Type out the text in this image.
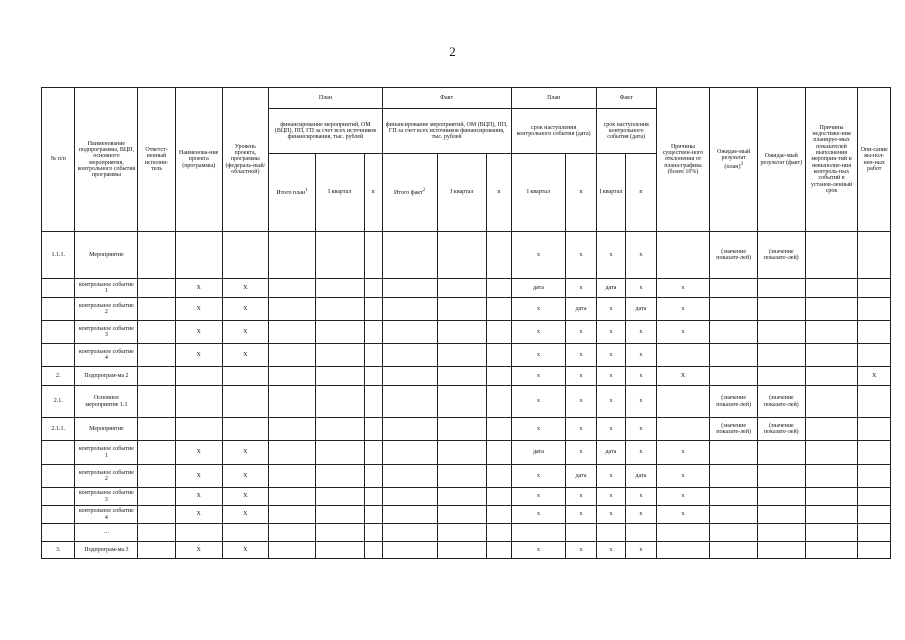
2
№ п/п	Наименование подпрограммы, ВЦП, основного мероприятия, контрольного события программы	Ответст-венный исполни-тель	Наименова-ние проекта (программы)	Уровень проекта, программы (федераль-ный/ областной)	План			Факт			План		Факт		Причины существен-ного отклонения от плана-графика (более 10%)	Ожидае-мый результат (план)$^3$	Ожидае-мый результат (факт)	Причины недостиже-ния планируе-мых показателей выполнения мероприя-тий и невыполне-ния контроль-ных событий в установ-ленный срок	Опи-сание вы-пол-нен-ных работ
					финансирование мероприятий, ОМ (ВЦП), ПП, ГП за счет всех источников финансирования, тыс. рублей			финансирование мероприятий, ОМ (ВЦП), ПП, ГП за счет всех источников финансирования, тыс. рублей			срок наступления контрольного события (дата)		срок наступления контрольного события (дата)						
					Итого план$^1$	I квартал	n	Итого факт$^2$	I квартал	n	I квартал	n	I квартал	n					
1.1.1.	Мероприятие										х	х	х	х		(значение показате-лей)	(значение показате-лей)		
	контрольное событие 1		Х	Х							дата	х	дата	х	х				
	контрольное событие 2		Х	Х							х	дата	х	дата	х				
	контрольное событие 3		Х	Х							х	х	х	х	х				
	контрольное событие 4		Х	Х							х	х	х	х					
2.	Подпрограм-ма 2										х	х	х	х	Х				Х
2.1.	Основное мероприятие 1.1										х	х	х	х		(значение показате-лей)	(значение показате-лей)		
2.1.1.	Мероприятие										х	х	х	х		(значение показате-лей)	(значение показате-лей)		
	контрольное событие 1		Х	Х							дата	х	дата	х	х				
	контрольное событие 2		Х	Х							х	дата	х	дата	х				
	контрольное событие 3		Х	Х							х	х	х	х	х				
	контрольное событие 4		Х	Х							х	х	х	х	х				
	…																		
3.	Подпрограм-ма 3		Х	Х							х	х	х	х					
